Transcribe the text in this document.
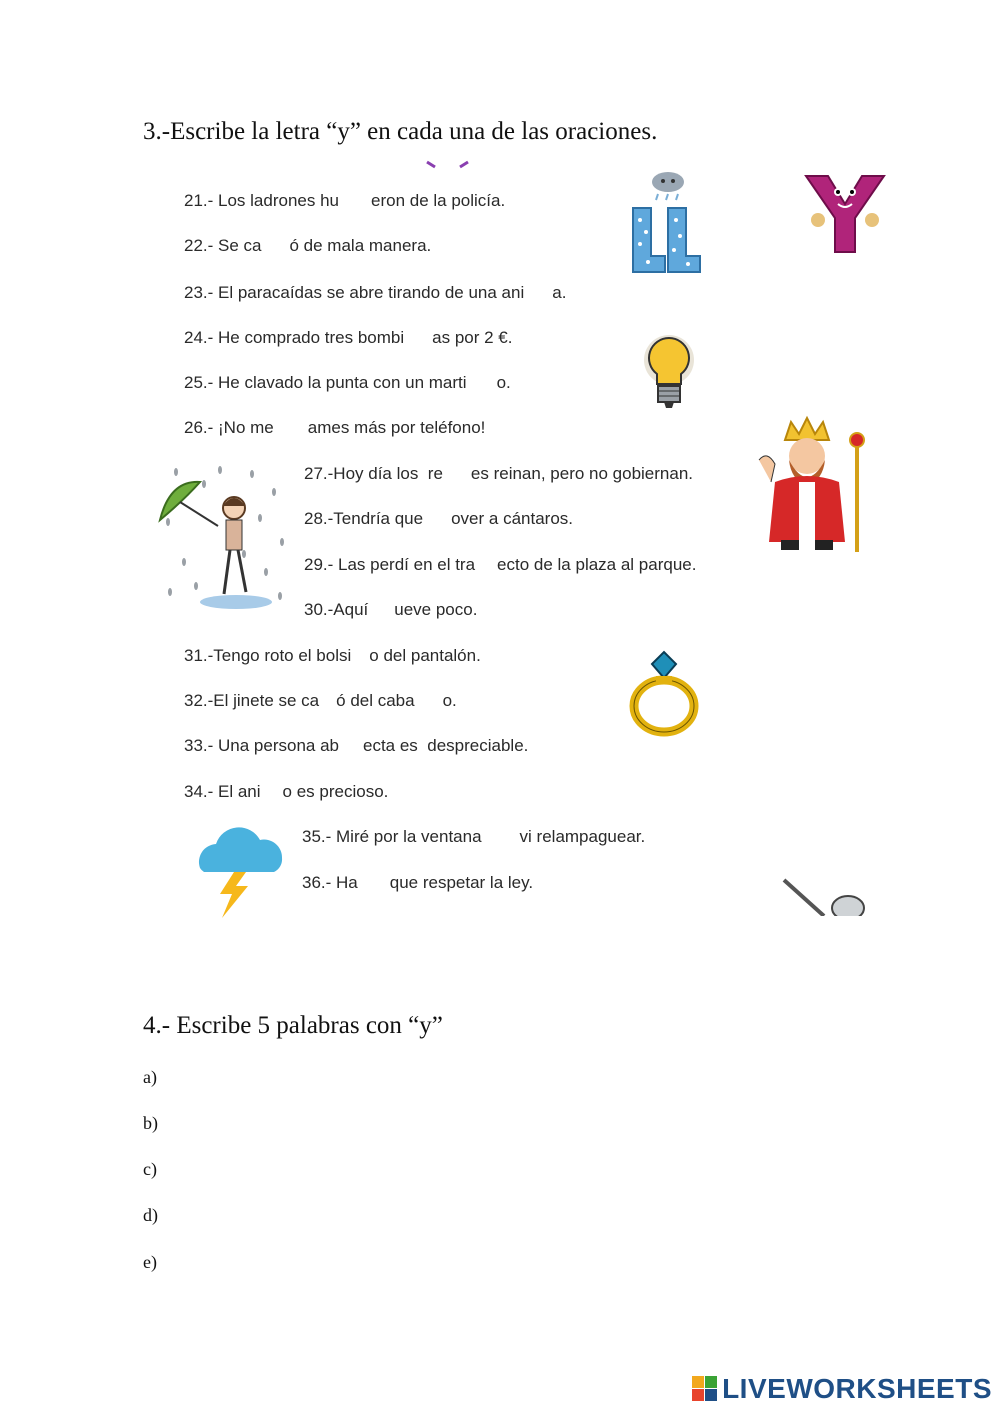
3.-Escribe la letra “y” en cada una de las oraciones.
21.- Los ladrones hu eron de la policía.
22.- Se ca ó de mala manera.
23.- El paracaídas se abre tirando de una ani a.
24.- He comprado tres bombi as por 2 €.
25.- He clavado la punta con un marti o.
26.- ¡No me ames más por teléfono!
27.-Hoy día los  re es reinan, pero no gobiernan.
28.-Tendría que over a cántaros.
29.- Las perdí en el tra ecto de la plaza al parque.
30.-Aquí ueve poco.
31.-Tengo roto el bolsi o del pantalón.
32.-El jinete se ca ó del caba o.
33.- Una persona ab ecta es  despreciable.
34.- El ani o es precioso.
35.- Miré por la ventana vi relampaguear.
36.- Ha que respetar la ley.
4.- Escribe 5 palabras con “y”
a)
b)
c)
d)
e)
LIVEWORKSHEETS
